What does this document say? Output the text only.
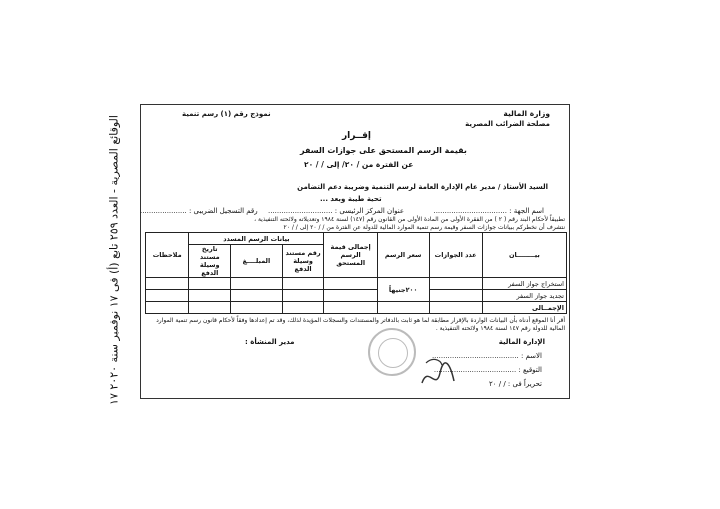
الوقائع المصرية - العدد ٢٥٩ تابع (أ) فى ١٧ نوفمبر سنة ٢٠٢٠ ١٧
وزارة المالية
مصلحة الضرائب المصرية
نموذج رقم (١) رسم تنمية
إقــرار
بقيمة الرسم المستحق على جوازات السفر
عن الفترة من / ٢٠/ إلى / / ٢٠
السيد الأستاذ / مدير عام الإدارة العامة لرسم التنمية وضريبة دعم التضامن
تحية طيبة وبعد ...
اسم الجهة : .................................
عنوان المركز الرئيسى : .............................
رقم التسجيل الضريبى : .....................
تطبيقاً لأحكام البند رقم ( ٢ ) من الفقرة الأولى من المادة الأولى من القانون رقم (١٤٧) لسنة ١٩٨٤ وتعديلاته ولائحته التنفيذية ،
نتشرف أن نخطركم ببيانات جوازات السفر وقيمة رسم تنمية الموارد المالية للدولة عن الفترة من / / ٢٠ إلى / / ٢٠
بيــــــــان	عدد الجوازات	سعر الرسم	إجمالى قيمة الرسم المستحق	بيانات الرسم المسدد			ملاحظات
				رقم مستند وسيلة الدفع	المبلــــغ	تاريخ مستند وسيلة الدفع	
استخراج جواز السفر		٢٠٠جنيهاً					
تجديد جواز السفر							
الإجمــالى							
أقر أنا الموقع أدناه بأن البيانات الواردة بالإقرار مطابقة لما هو ثابت بالدفاتر والمستندات والسجلات المؤيدة لذلك، وقد تم إعدادها وفقاً لأحكام قانون رسم تنمية الموارد المالية للدولة رقم ١٤٧ لسنة ١٩٨٤ ولائحته التنفيذية .
الإدارة المالية
الاسم : .......................................
التوقيع : .....................................
تحريراً فى : / / ٢٠
مدير المنشأة :
